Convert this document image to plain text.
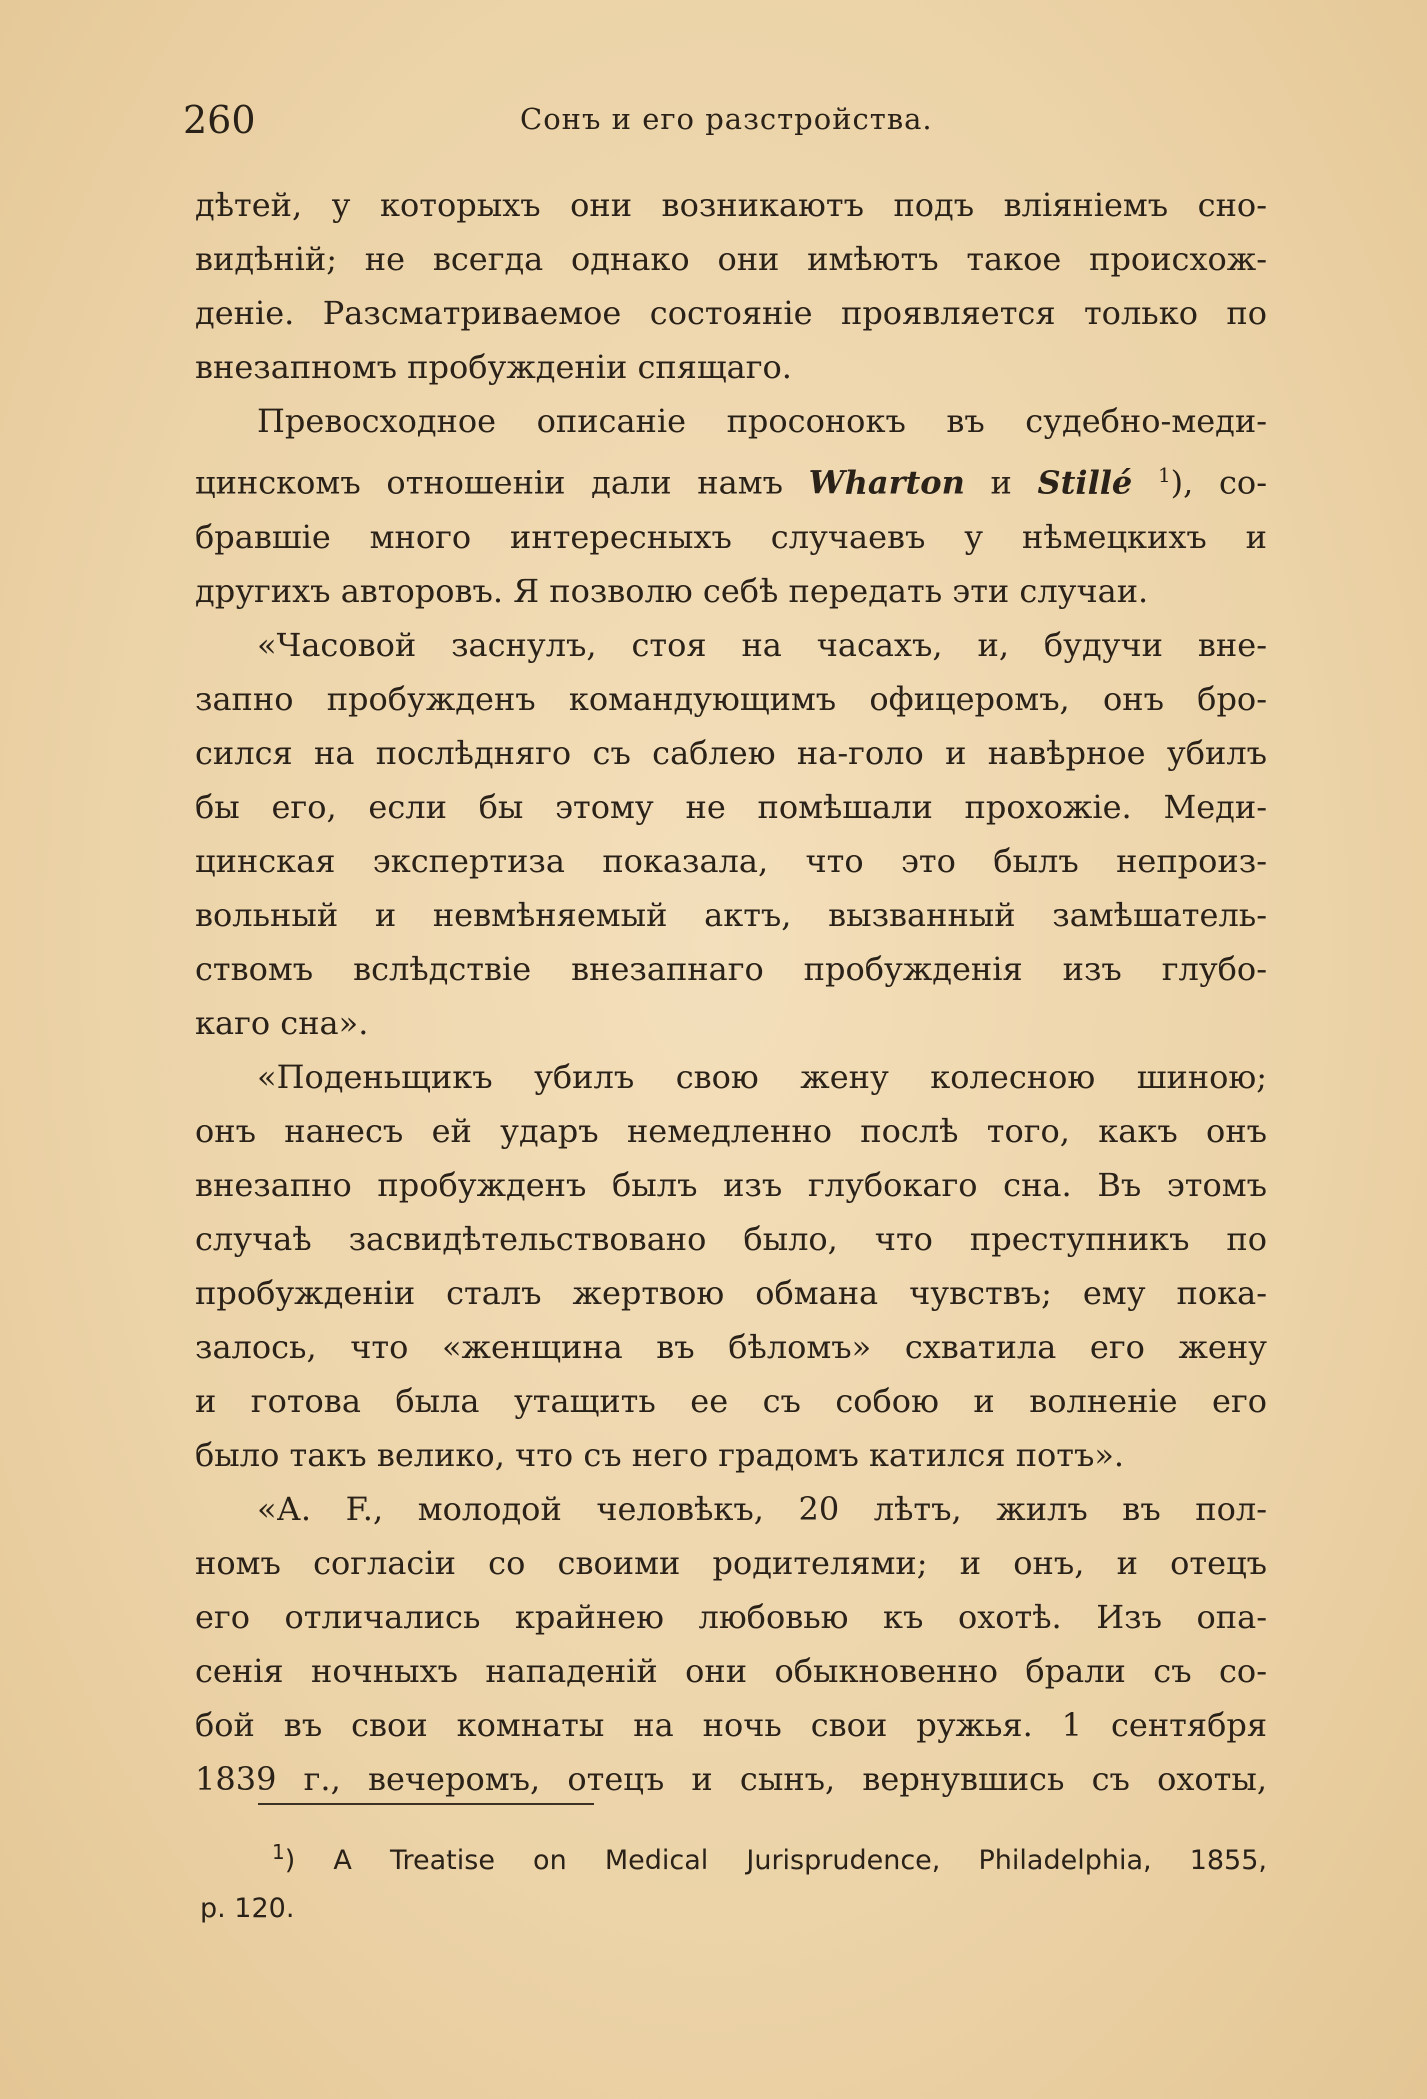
260	Сонъ и его разстройства.

дѣтей, у которыхъ они возникаютъ подъ вліяніемъ сно-
видѣній; не всегда однако они имѣютъ такое происхож-
деніе. Разсматриваемое состояніе проявляется только по
внезапномъ пробужденіи спящаго.

Превосходное описаніе просонокъ въ судебно-меди-
цинскомъ отношеніи дали намъ Wharton и Stillé $^1$), со-
бравшіе много интересныхъ случаевъ у нѣмецкихъ и
другихъ авторовъ. Я позволю себѣ передать эти случаи.

«Часовой заснулъ, стоя на часахъ, и, будучи вне-
запно пробужденъ командующимъ офицеромъ, онъ бро-
сился на послѣдняго съ саблею на-голо и навѣрное убилъ
бы его, если бы этому не помѣшали прохожіе. Меди-
цинская экспертиза показала, что это былъ непроиз-
вольный и невмѣняемый актъ, вызванный замѣшатель-
ствомъ вслѣдствіе внезапнаго пробужденія изъ глубо-
каго сна».

«Поденьщикъ убилъ свою жену колесною шиною;
онъ нанесъ ей ударъ немедленно послѣ того, какъ онъ
внезапно пробужденъ былъ изъ глубокаго сна. Въ этомъ
случаѣ засвидѣтельствовано было, что преступникъ по
пробужденіи сталъ жертвою обмана чувствъ; ему пока-
залось, что «женщина въ бѣломъ» схватила его жену
и готова была утащить ее съ собою и волненіе его
было такъ велико, что съ него градомъ катился потъ».

«А. F., молодой человѣкъ, 20 лѣтъ, жилъ въ пол-
номъ согласіи со своими родителями; и онъ, и отецъ
его отличались крайнею любовью къ охотѣ. Изъ опа-
сенія ночныхъ нападеній они обыкновенно брали съ со-
бой въ свои комнаты на ночь свои ружья. 1 сентября
1839 г., вечеромъ, отецъ и сынъ, вернувшись съ охоты,

$^1$) A Treatise on Medical Jurisprudence, Philadelphia, 1855,
p. 120.
